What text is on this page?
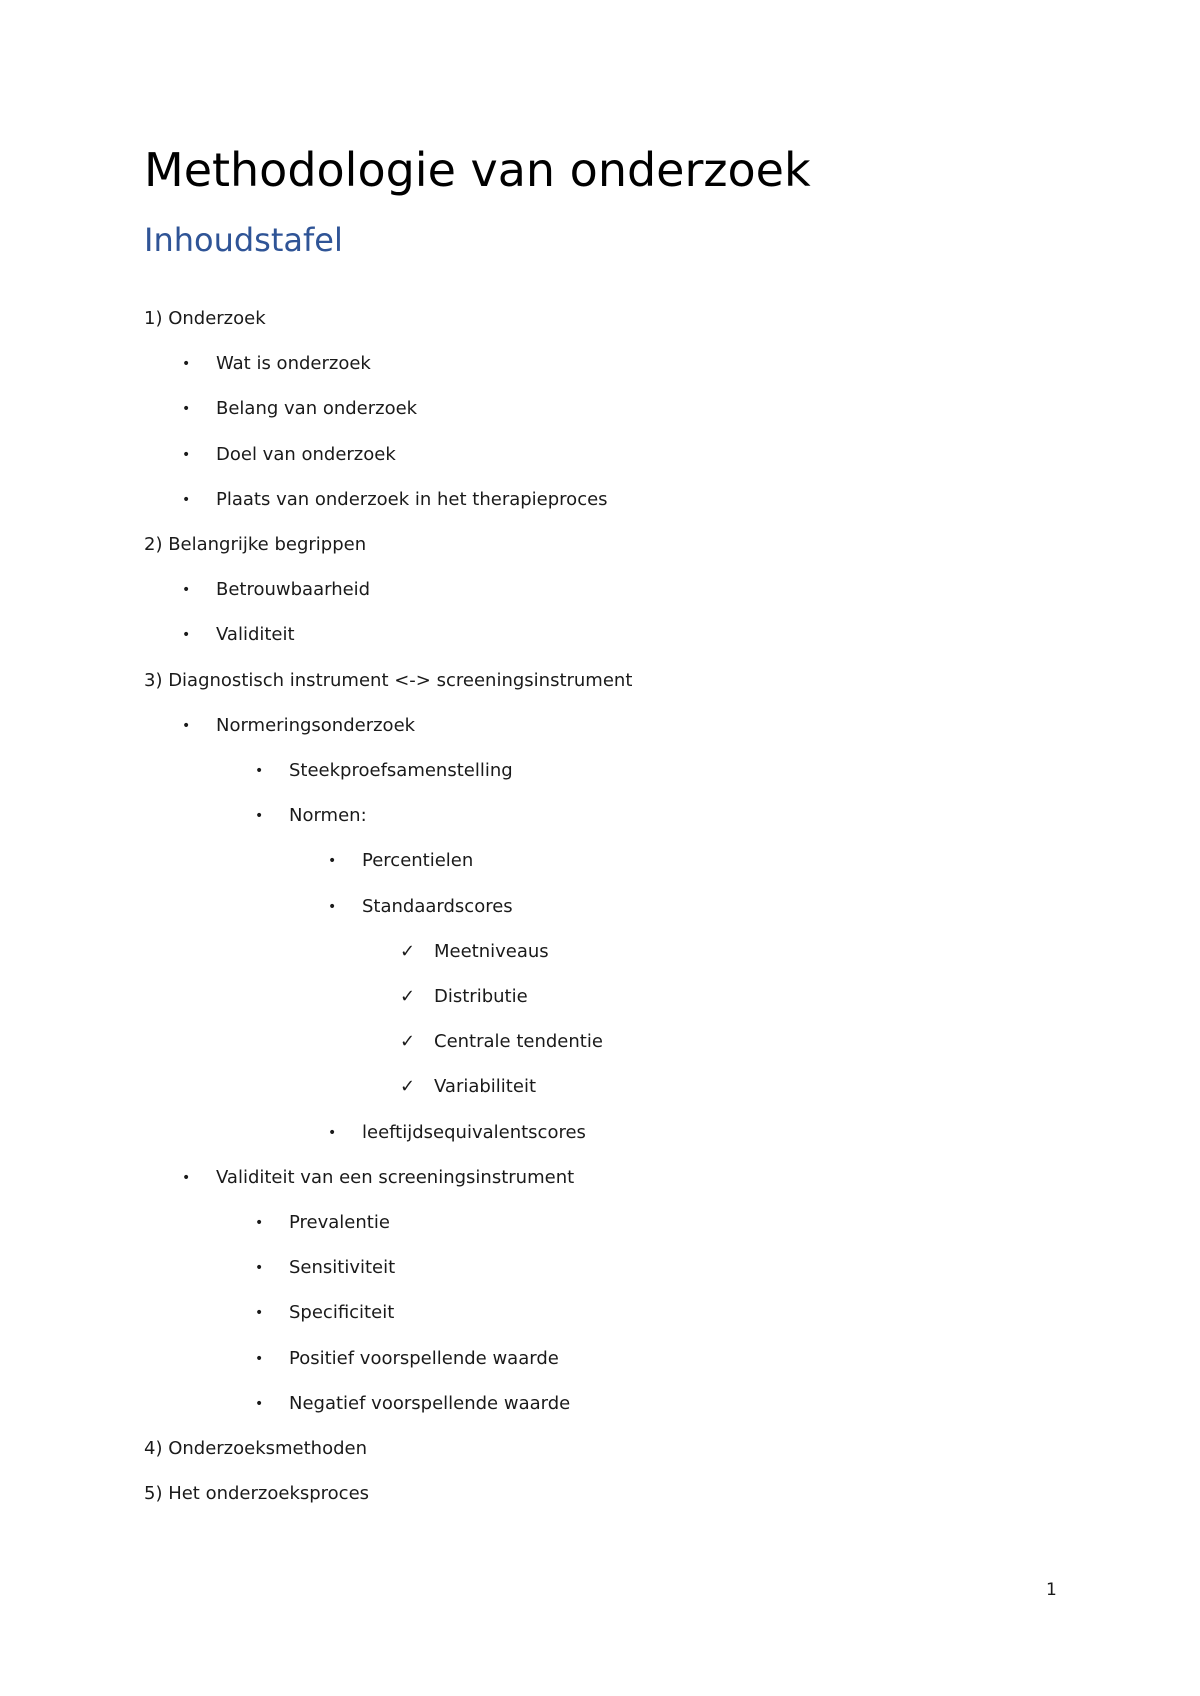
Methodologie van onderzoek
Inhoudstafel
1) Onderzoek
•	Wat is onderzoek
•	Belang van onderzoek
•	Doel van onderzoek
•	Plaats van onderzoek in het therapieproces
2) Belangrijke begrippen
•	Betrouwbaarheid
•	Validiteit
3) Diagnostisch instrument <-> screeningsinstrument
•	Normeringsonderzoek
•	Steekproefsamenstelling
•	Normen:
•	Percentielen
•	Standaardscores
✓	Meetniveaus
✓	Distributie
✓	Centrale tendentie
✓	Variabiliteit
•	leeftijdsequivalentscores
•	Validiteit van een screeningsinstrument
•	Prevalentie
•	Sensitiviteit
•	Specificiteit
•	Positief voorspellende waarde
•	Negatief voorspellende waarde
4) Onderzoeksmethoden
5) Het onderzoeksproces
1
